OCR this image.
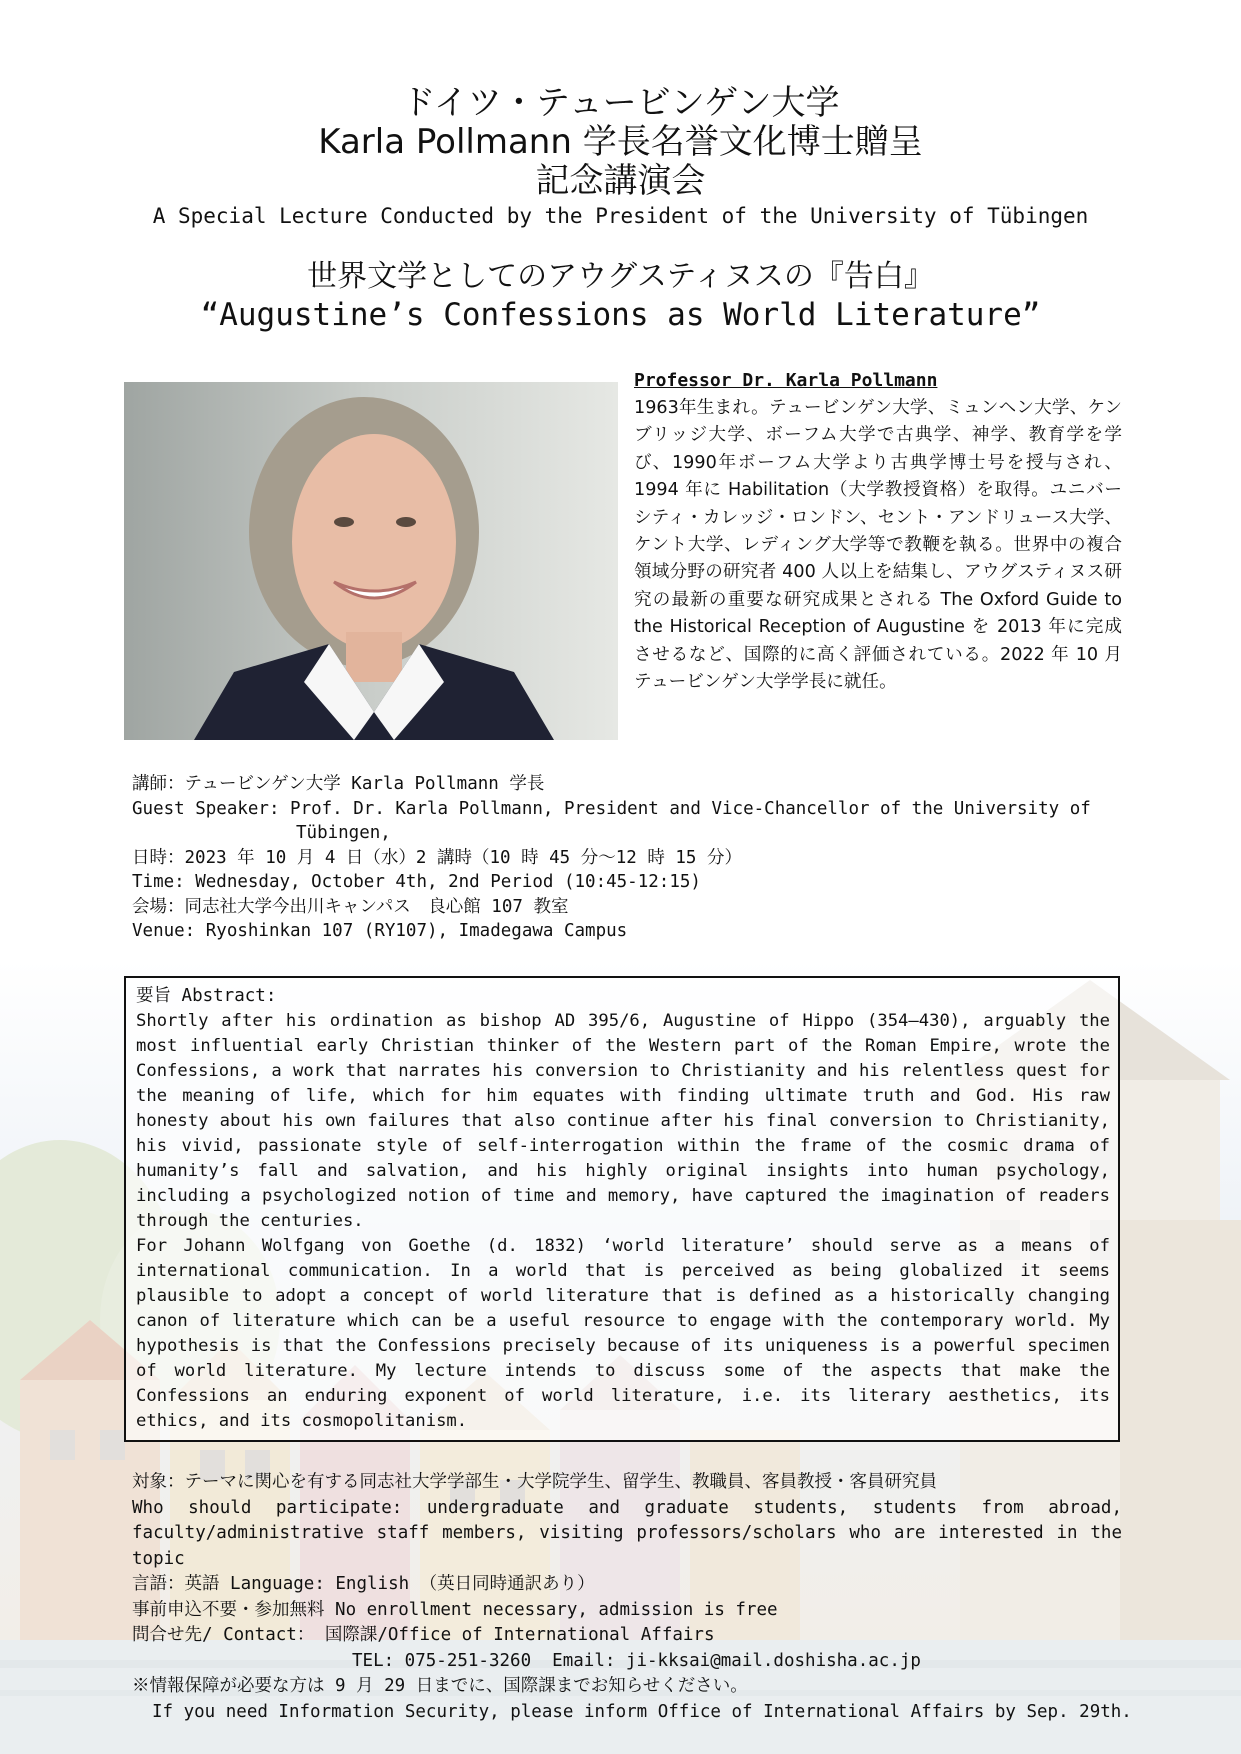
ドイツ・テュービンゲン大学
Karla Pollmann 学長名誉文化博士贈呈
記念講演会
A Special Lecture Conducted by the President of the University of Tübingen
世界文学としてのアウグスティヌスの『告白』
“Augustine’s Confessions as World Literature”
Professor Dr. Karla Pollmann
1963年生まれ。テュービンゲン大学、ミュンヘン大学、ケンブリッジ大学、ボーフム大学で古典学、神学、教育学を学び、1990年ボーフム大学より古典学博士号を授与され、1994 年に Habilitation（大学教授資格）を取得。ユニバーシティ・カレッジ・ロンドン、セント・アンドリュース大学、ケント大学、レディング大学等で教鞭を執る。世界中の複合領域分野の研究者 400 人以上を結集し、アウグスティヌス研究の最新の重要な研究成果とされる The Oxford Guide to the Historical Reception of Augustine を 2013 年に完成させるなど、国際的に高く評価されている。2022 年 10 月テュービンゲン大学学長に就任。
講師：テュービンゲン大学 Karla Pollmann 学長
Guest Speaker: Prof. Dr. Karla Pollmann, President and Vice-Chancellor of the University of
Tübingen,
日時：2023 年 10 月 4 日（水）2 講時（10 時 45 分～12 時 15 分）
Time: Wednesday, October 4th, 2nd Period (10:45-12:15)
会場：同志社大学今出川キャンパス　良心館 107 教室
Venue: Ryoshinkan 107 (RY107), Imadegawa Campus
要旨 Abstract:

Shortly after his ordination as bishop AD 395/6, Augustine of Hippo (354–430), arguably the most influential early Christian thinker of the Western part of the Roman Empire, wrote the Confessions, a work that narrates his conversion to Christianity and his relentless quest for the meaning of life, which for him equates with finding ultimate truth and God. His raw honesty about his own failures that also continue after his final conversion to Christianity, his vivid, passionate style of self-interrogation within the frame of the cosmic drama of humanity’s fall and salvation, and his highly original insights into human psychology, including a psychologized notion of time and memory, have captured the imagination of readers through the centuries.

For Johann Wolfgang von Goethe (d. 1832) ‘world literature’ should serve as a means of international communication. In a world that is perceived as being globalized it seems plausible to adopt a concept of world literature that is defined as a historically changing canon of literature which can be a useful resource to engage with the contemporary world. My hypothesis is that the Confessions precisely because of its uniqueness is a powerful specimen of world literature. My lecture intends to discuss some of the aspects that make the Confessions an enduring exponent of world literature, i.e. its literary aesthetics, its ethics, and its cosmopolitanism.

対象：テーマに関心を有する同志社大学学部生・大学院学生、留学生、教職員、客員教授・客員研究員
Who should participate: undergraduate and graduate students, students from abroad, faculty/administrative staff members, visiting professors/scholars who are interested in the topic
言語：英語 Language: English （英日同時通訳あり）
事前申込不要・参加無料 No enrollment necessary, admission is free
問合せ先/ Contact： 国際課/Office of International Affairs
TEL: 075-251-3260  Email: ji-kksai@mail.doshisha.ac.jp
※情報保障が必要な方は 9 月 29 日までに、国際課までお知らせください。
If you need Information Security, please inform Office of International Affairs by Sep. 29th.
